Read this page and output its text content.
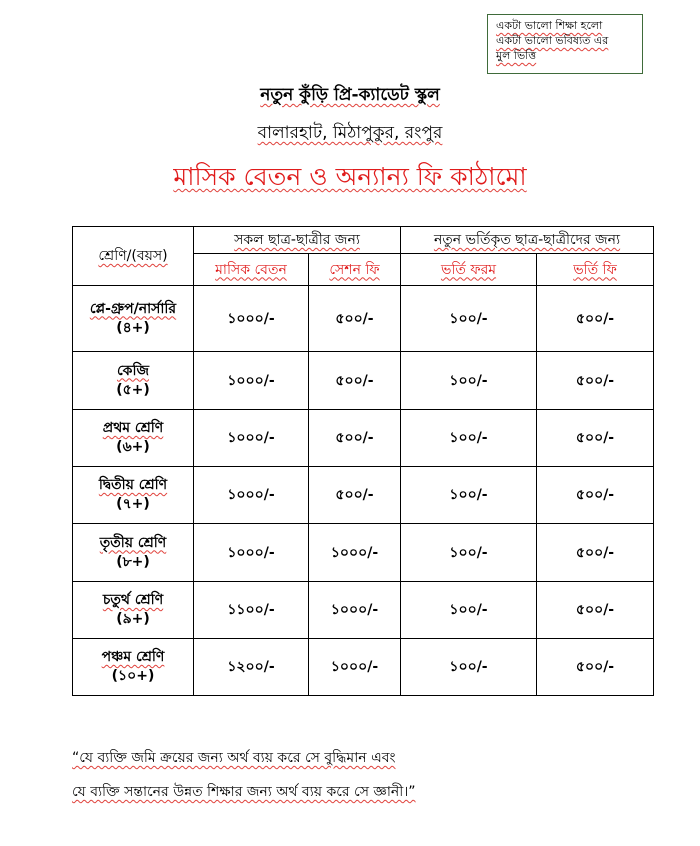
একটা ভালো শিক্ষা হলো
একটা ভালো ভবিষ্যত এর
মুল ভিত্তি
নতুন কুঁড়ি প্রি-ক্যাডেট স্কুল
বালারহাট, মিঠাপুকুর, রংপুর
মাসিক বেতন ও অন্যান্য ফি কাঠামো
শ্রেণি/(বয়স)	সকল ছাত্র-ছাত্রীর জন্য		নতুন ভর্তিকৃত ছাত্র-ছাত্রীদের জন্য	
	মাসিক বেতন	সেশন ফি	ভর্তি ফরম	ভর্তি ফি
প্লে-গ্রুপ/নার্সারি
(৪+)	১০০০/-	৫০০/-	১০০/-	৫০০/-
কেজি
(৫+)	১০০০/-	৫০০/-	১০০/-	৫০০/-
প্রথম শ্রেণি
(৬+)	১০০০/-	৫০০/-	১০০/-	৫০০/-
দ্বিতীয় শ্রেণি
(৭+)	১০০০/-	৫০০/-	১০০/-	৫০০/-
তৃতীয় শ্রেণি
(৮+)	১০০০/-	১০০০/-	১০০/-	৫০০/-
চতুর্থ শ্রেণি
(৯+)	১১০০/-	১০০০/-	১০০/-	৫০০/-
পঞ্চম শ্রেণি
(১০+)	১২০০/-	১০০০/-	১০০/-	৫০০/-
“যে ব্যক্তি জমি ক্রয়ের জন্য অর্থ ব্যয় করে সে বুদ্ধিমান এবং
যে ব্যক্তি সন্তানের উন্নত শিক্ষার জন্য অর্থ ব্যয় করে সে জ্ঞানী।”
